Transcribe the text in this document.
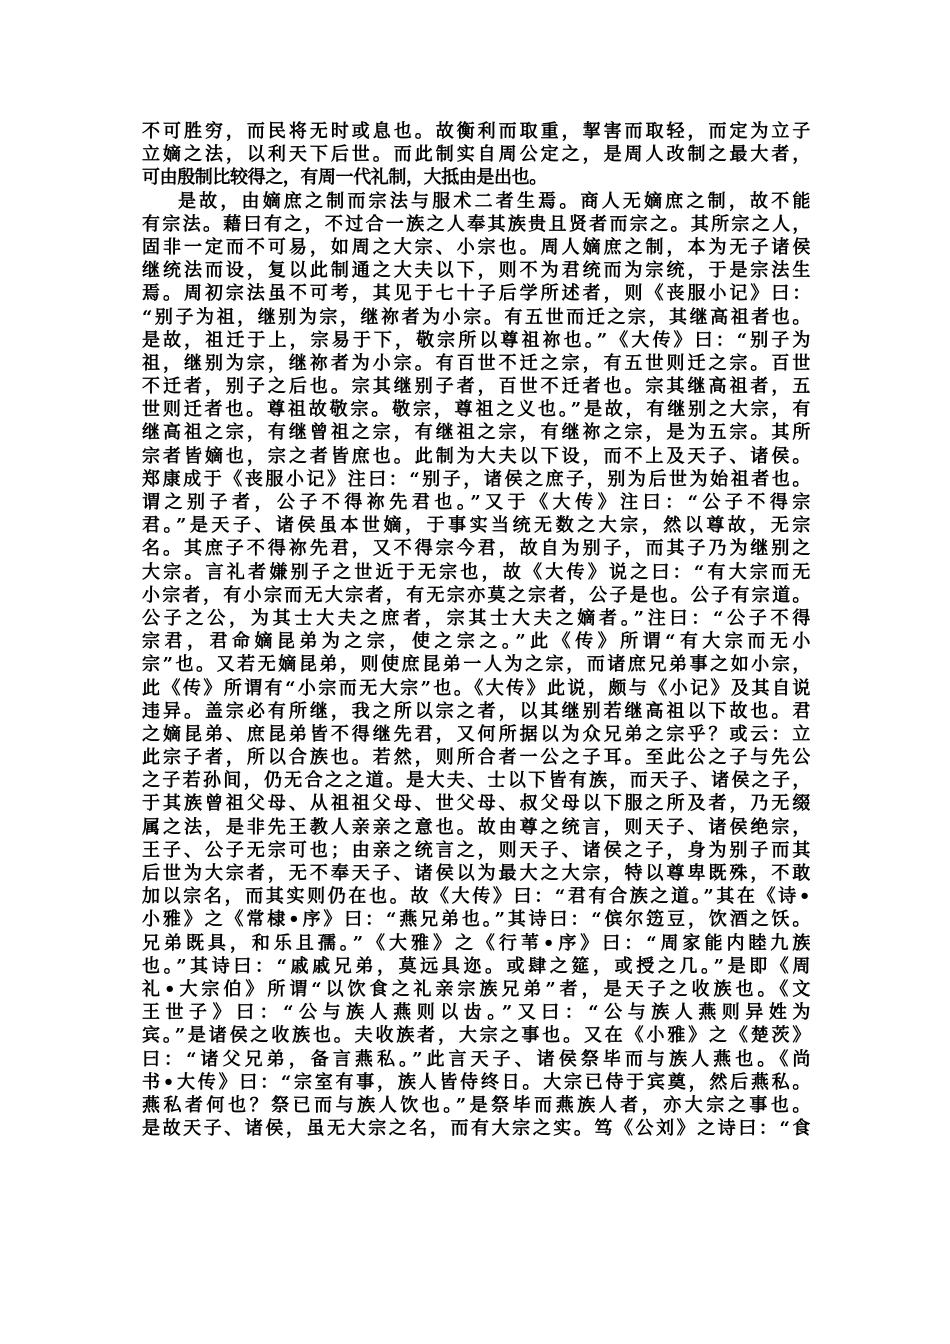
不可胜穷，而民将无时或息也。故衡利而取重，挈害而取轻，而定为立子
立嫡之法，以利天下后世。而此制实自周公定之，是周人改制之最大者，
可由殷制比较得之，有周一代礼制，大抵由是出也。
是故，由嫡庶之制而宗法与服术二者生焉。商人无嫡庶之制，故不能
有宗法。藉曰有之，不过合一族之人奉其族贵且贤者而宗之。其所宗之人，
固非一定而不可易，如周之大宗、小宗也。周人嫡庶之制，本为无子诸侯
继统法而设，复以此制通之大夫以下，则不为君统而为宗统，于是宗法生
焉。周初宗法虽不可考，其见于七十子后学所述者，则《丧服小记》曰：
“别子为祖，继别为宗，继祢者为小宗。有五世而迁之宗，其继高祖者也。
是故，祖迁于上，宗易于下，敬宗所以尊祖祢也。”《大传》曰：“别子为
祖，继别为宗，继祢者为小宗。有百世不迁之宗，有五世则迁之宗。百世
不迁者，别子之后也。宗其继别子者，百世不迁者也。宗其继高祖者，五
世则迁者也。尊祖故敬宗。敬宗，尊祖之义也。”是故，有继别之大宗，有
继高祖之宗，有继曾祖之宗，有继祖之宗，有继祢之宗，是为五宗。其所
宗者皆嫡也，宗之者皆庶也。此制为大夫以下设，而不上及天子、诸侯。
郑康成于《丧服小记》注曰：“别子，诸侯之庶子，别为后世为始祖者也。
谓之别子者，公子不得祢先君也。”又于《大传》注曰：“公子不得宗
君。”是天子、诸侯虽本世嫡，于事实当统无数之大宗，然以尊故，无宗
名。其庶子不得祢先君，又不得宗今君，故自为别子，而其子乃为继别之
大宗。言礼者嫌别子之世近于无宗也，故《大传》说之曰：“有大宗而无
小宗者，有小宗而无大宗者，有无宗亦莫之宗者，公子是也。公子有宗道。
公子之公，为其士大夫之庶者，宗其士大夫之嫡者。”注曰：“公子不得
宗君，君命嫡昆弟为之宗，使之宗之。”此《传》所谓“有大宗而无小
宗”也。又若无嫡昆弟，则使庶昆弟一人为之宗，而诸庶兄弟事之如小宗，
此《传》所谓有“小宗而无大宗”也。《大传》此说，颇与《小记》及其自说
违异。盖宗必有所继，我之所以宗之者，以其继别若继高祖以下故也。君
之嫡昆弟、庶昆弟皆不得继先君，又何所据以为众兄弟之宗乎？或云：立
此宗子者，所以合族也。若然，则所合者一公之子耳。至此公之子与先公
之子若孙间，仍无合之之道。是大夫、士以下皆有族，而天子、诸侯之子，
于其族曾祖父母、从祖祖父母、世父母、叔父母以下服之所及者，乃无缀
属之法，是非先王教人亲亲之意也。故由尊之统言，则天子、诸侯绝宗，
王子、公子无宗可也；由亲之统言之，则天子、诸侯之子，身为别子而其
后世为大宗者，无不奉天子、诸侯以为最大之大宗，特以尊卑既殊，不敢
加以宗名，而其实则仍在也。故《大传》曰：“君有合族之道。”其在《诗•
小雅》之《常棣•序》曰：“燕兄弟也。”其诗曰：“傧尔笾豆，饮酒之饫。
兄弟既具，和乐且孺。”《大雅》之《行苇•序》曰：“周家能内睦九族
也。”其诗曰：“戚戚兄弟，莫远具迩。或肆之筵，或授之几。”是即《周
礼•大宗伯》所谓“以饮食之礼亲宗族兄弟”者，是天子之收族也。《文
王世子》曰：“公与族人燕则以齿。”又曰：“公与族人燕则异姓为
宾。”是诸侯之收族也。夫收族者，大宗之事也。又在《小雅》之《楚茨》
曰：“诸父兄弟，备言燕私。”此言天子、诸侯祭毕而与族人燕也。《尚
书•大传》曰：“宗室有事，族人皆侍终日。大宗已侍于宾奠，然后燕私。
燕私者何也？祭已而与族人饮也。”是祭毕而燕族人者，亦大宗之事也。
是故天子、诸侯，虽无大宗之名，而有大宗之实。笃《公刘》之诗曰：“食
